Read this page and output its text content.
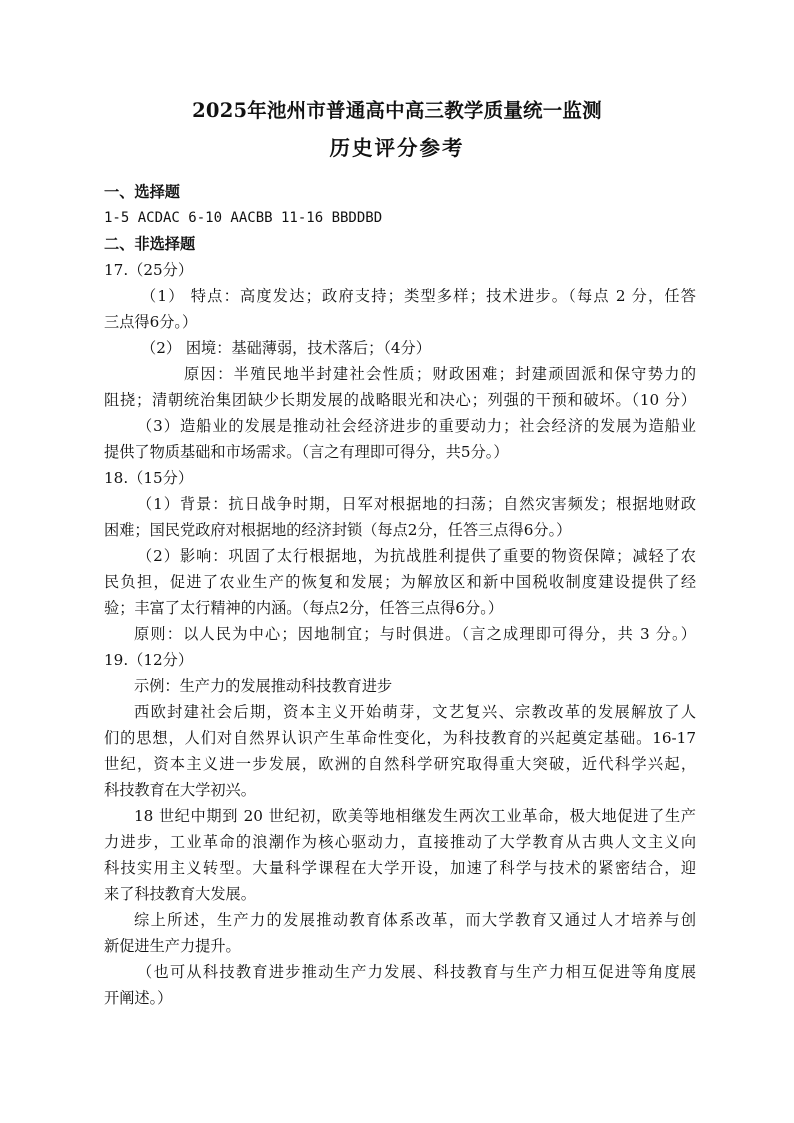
2025年池州市普通高中高三教学质量统一监测
历史评分参考
一、选择题
1-5 ACDAC 6-10 AACBB 11-16 BBDDBD
二、非选择题
17.（25分）
（1） 特点：高度发达；政府支持；类型多样；技术进步。（每点 2 分，任答
三点得6分。）
（2） 困境：基础薄弱，技术落后；（4分）
原因：半殖民地半封建社会性质；财政困难；封建顽固派和保守势力的
阻挠；清朝统治集团缺少长期发展的战略眼光和决心；列强的干预和破坏。（10 分）
（3）造船业的发展是推动社会经济进步的重要动力；社会经济的发展为造船业
提供了物质基础和市场需求。（言之有理即可得分，共5分。）
18.（15分）
（1）背景：抗日战争时期，日军对根据地的扫荡；自然灾害频发；根据地财政
困难；国民党政府对根据地的经济封锁（每点2分，任答三点得6分。）
（2）影响：巩固了太行根据地，为抗战胜利提供了重要的物资保障；减轻了农
民负担，促进了农业生产的恢复和发展；为解放区和新中国税收制度建设提供了经
验；丰富了太行精神的内涵。（每点2分，任答三点得6分。）
原则：以人民为中心；因地制宜；与时俱进。（言之成理即可得分，共 3 分。）
19.（12分）
示例：生产力的发展推动科技教育进步
西欧封建社会后期，资本主义开始萌芽，文艺复兴、宗教改革的发展解放了人
们的思想，人们对自然界认识产生革命性变化，为科技教育的兴起奠定基础。16-17
世纪，资本主义进一步发展，欧洲的自然科学研究取得重大突破，近代科学兴起，
科技教育在大学初兴。
18 世纪中期到 20 世纪初，欧美等地相继发生两次工业革命，极大地促进了生产
力进步，工业革命的浪潮作为核心驱动力，直接推动了大学教育从古典人文主义向
科技实用主义转型。大量科学课程在大学开设，加速了科学与技术的紧密结合，迎
来了科技教育大发展。
综上所述，生产力的发展推动教育体系改革，而大学教育又通过人才培养与创
新促进生产力提升。
（也可从科技教育进步推动生产力发展、科技教育与生产力相互促进等角度展
开阐述。）
